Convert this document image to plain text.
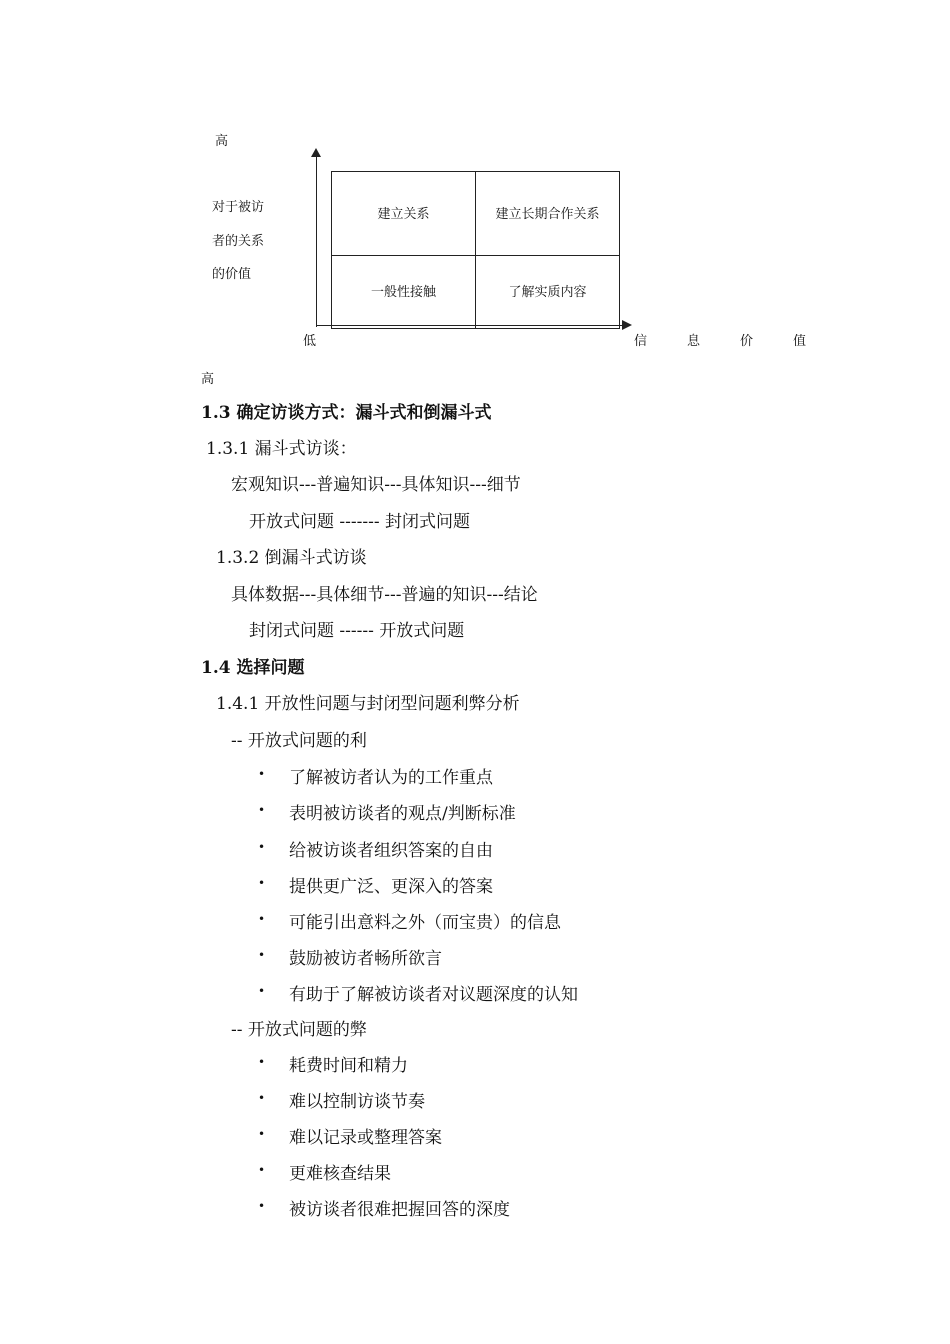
高
对于被访
者的关系
的价值
建立关系	建立长期合作关系
一般性接触	了解实质内容
低	信	息	价	值
高
1.3 确定访谈方式：漏斗式和倒漏斗式
1.3.1 漏斗式访谈：
宏观知识---普遍知识---具体知识---细节
开放式问题 ------- 封闭式问题
1.3.2 倒漏斗式访谈
具体数据---具体细节---普遍的知识---结论
封闭式问题 ------ 开放式问题
1.4 选择问题
1.4.1 开放性问题与封闭型问题利弊分析
-- 开放式问题的利
• 了解被访者认为的工作重点
• 表明被访谈者的观点/判断标准
• 给被访谈者组织答案的自由
• 提供更广泛、更深入的答案
• 可能引出意料之外（而宝贵）的信息
• 鼓励被访者畅所欲言
• 有助于了解被访谈者对议题深度的认知
-- 开放式问题的弊
• 耗费时间和精力
• 难以控制访谈节奏
• 难以记录或整理答案
• 更难核查结果
• 被访谈者很难把握回答的深度
